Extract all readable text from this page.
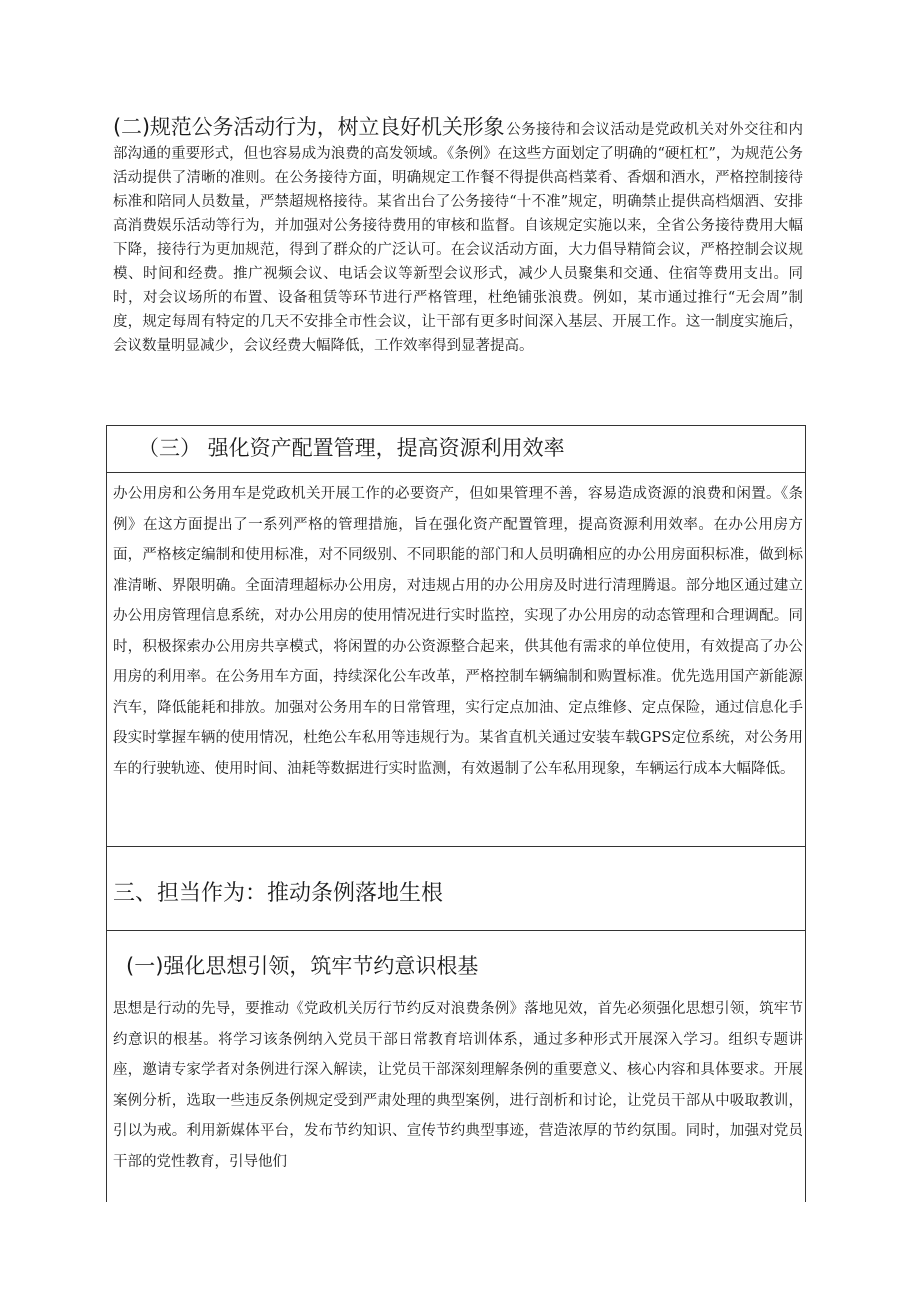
(二)规范公务活动行为，树立良好机关形象 公务接待和会议活动是党政机关对外交往和内部沟通的重要形式，但也容易成为浪费的高发领域。《条例》在这些方面划定了明确的“硬杠杠”，为规范公务活动提供了清晰的准则。在公务接待方面，明确规定工作餐不得提供高档菜肴、香烟和酒水，严格控制接待标准和陪同人员数量，严禁超规格接待。某省出台了公务接待“十不准”规定，明确禁止提供高档烟酒、安排高消费娱乐活动等行为，并加强对公务接待费用的审核和监督。自该规定实施以来，全省公务接待费用大幅下降，接待行为更加规范，得到了群众的广泛认可。在会议活动方面，大力倡导精简会议，严格控制会议规模、时间和经费。推广视频会议、电话会议等新型会议形式，减少人员聚集和交通、住宿等费用支出。同时，对会议场所的布置、设备租赁等环节进行严格管理，杜绝铺张浪费。例如，某市通过推行“无会周”制度，规定每周有特定的几天不安排全市性会议，让干部有更多时间深入基层、开展工作。这一制度实施后，会议数量明显减少，会议经费大幅降低，工作效率得到显著提高。
（三） 强化资产配置管理，提高资源利用效率
办公用房和公务用车是党政机关开展工作的必要资产，但如果管理不善，容易造成资源的浪费和闲置。《条例》在这方面提出了一系列严格的管理措施，旨在强化资产配置管理，提高资源利用效率。在办公用房方面，严格核定编制和使用标准，对不同级别、不同职能的部门和人员明确相应的办公用房面积标准，做到标准清晰、界限明确。全面清理超标办公用房，对违规占用的办公用房及时进行清理腾退。部分地区通过建立办公用房管理信息系统，对办公用房的使用情况进行实时监控，实现了办公用房的动态管理和合理调配。同时，积极探索办公用房共享模式，将闲置的办公资源整合起来，供其他有需求的单位使用，有效提高了办公用房的利用率。在公务用车方面，持续深化公车改革，严格控制车辆编制和购置标准。优先选用国产新能源汽车，降低能耗和排放。加强对公务用车的日常管理，实行定点加油、定点维修、定点保险，通过信息化手段实时掌握车辆的使用情况，杜绝公车私用等违规行为。某省直机关通过安装车载GPS定位系统，对公务用车的行驶轨迹、使用时间、油耗等数据进行实时监测，有效遏制了公车私用现象，车辆运行成本大幅降低。
三、担当作为：推动条例落地生根
(一)强化思想引领，筑牢节约意识根基
思想是行动的先导，要推动《党政机关厉行节约反对浪费条例》落地见效，首先必须强化思想引领，筑牢节约意识的根基。将学习该条例纳入党员干部日常教育培训体系，通过多种形式开展深入学习。组织专题讲座，邀请专家学者对条例进行深入解读，让党员干部深刻理解条例的重要意义、核心内容和具体要求。开展案例分析，选取一些违反条例规定受到严肃处理的典型案例，进行剖析和讨论，让党员干部从中吸取教训，引以为戒。利用新媒体平台，发布节约知识、宣传节约典型事迹，营造浓厚的节约氛围。同时，加强对党员干部的党性教育，引导他们
